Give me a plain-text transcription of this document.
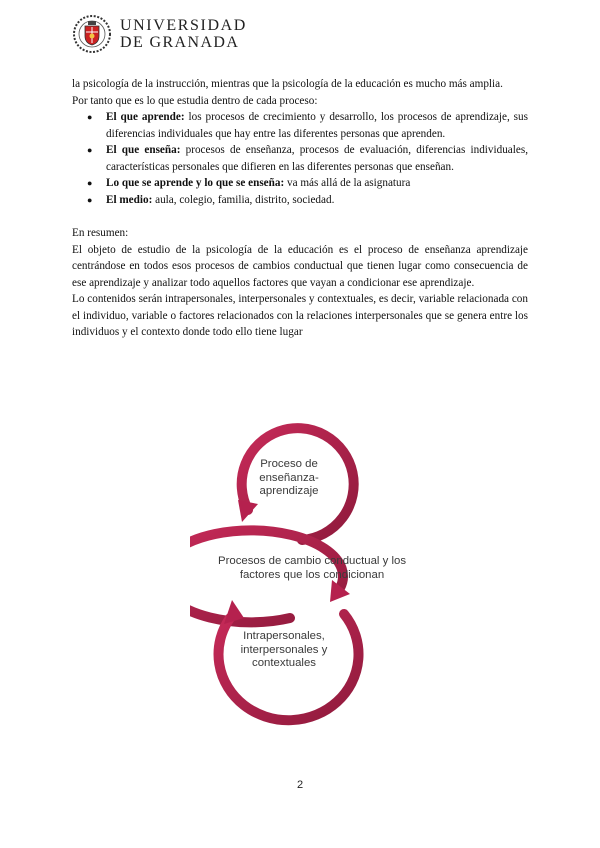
UNIVERSIDAD
DE GRANADA

la psicología de la instrucción, mientras que la psicología de la educación es mucho más amplia.

Por tanto que es lo que estudia dentro de cada proceso:

● El que aprende: los procesos de crecimiento y desarrollo, los procesos de aprendizaje, sus diferencias individuales que hay entre las diferentes personas que aprenden.
● El que enseña: procesos de enseñanza, procesos de evaluación, diferencias individuales, características personales que difieren en las diferentes personas que enseñan.
● Lo que se aprende y lo que se enseña: va más allá de la asignatura
● El medio: aula, colegio, familia, distrito, sociedad.

En resumen:

El objeto de estudio de la psicología de la educación es el proceso de enseñanza aprendizaje centrándose en todos esos procesos de cambios conductual que tienen lugar como consecuencia de ese aprendizaje y analizar todo aquellos factores que vayan a condicionar ese aprendizaje.

Lo contenidos serán intrapersonales, interpersonales y contextuales, es decir, variable relacionada con el individuo, variable o factores relacionados con la relaciones interpersonales que se genera entre los individuos y el contexto donde todo ello tiene lugar

Proceso de enseñanza-aprendizaje
Procesos de cambio conductual y los factores que los condicionan
Intrapersonales, interpersonales y contextuales
2
